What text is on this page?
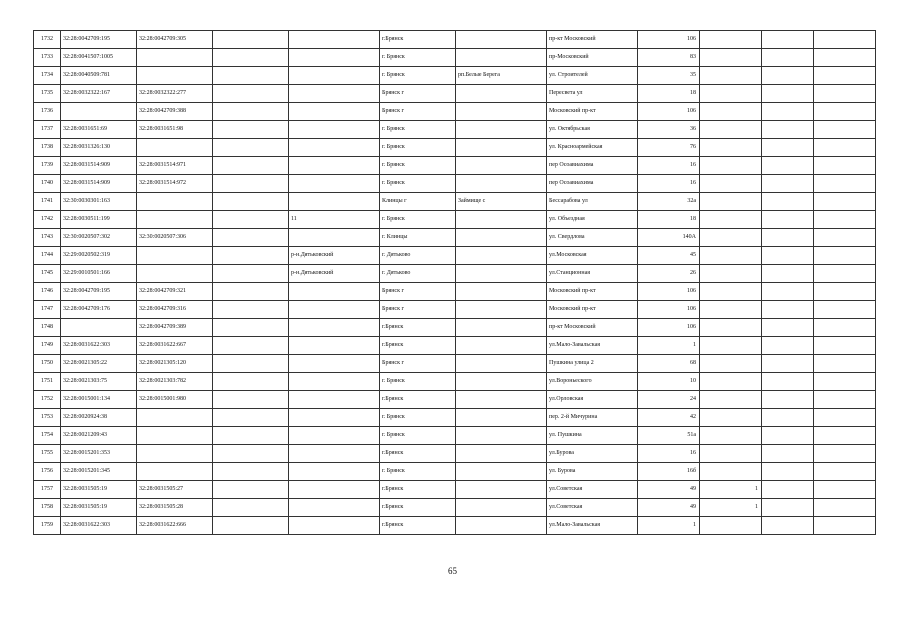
1732	32:28:0042709:195	32:28:0042709:305			г.Брянск		пр-кт Московский	106			
1733	32:28:0041507:1005				г. Брянск		пр-Московский	83			
1734	32:28:0040509:781				г. Брянск	рп.Белые Берега	ул. Строителей	35			
1735	32:28:0032322:167	32:28:0032322:277			Брянск г		Пересвета ул	18			
1736		32:28:0042709:388			Брянск г		Московский пр-кт	106			
1737	32:28:0031651:69	32:28:0031651:98			г. Брянск		ул. Октябрьская	36			
1738	32:28:0031326:130				г. Брянск		ул. Красноармейская	76			
1739	32:28:0031514:909	32:28:0031514:971			г. Брянск		пер Осоавиахима	16			
1740	32:28:0031514:909	32:28:0031514:972			г. Брянск		пер Осоавиахима	16			
1741	32:30:0030301:163				Клинцы г	Займище с	Бессарабова ул	32а			
1742	32:28:0030511:199			11	г. Брянск		ул. Объездная	18			
1743	32:30:0020507:302	32:30:0020507:306			г. Клинцы		ул. Свердлова	140А			
1744	32:29:0020502:319			р-н.Дятьковский	г. Дятьково		ул.Московская	45			
1745	32:29:0010501:166			р-н.Дятьковский	г. Дятьково		ул.Станционная	26			
1746	32:28:0042709:195	32:28:0042709:321			Брянск г		Московский пр-кт	106			
1747	32:28:0042709:176	32:28:0042709:316			Брянск г		Московский пр-кт	106			
1748		32:28:0042709:389			г.Брянск		пр-кт Московский	106			
1749	32:28:0031622:303	32:28:0031622:667			г.Брянск		ул.Мало-Завальская	1			
1750	32:28:0021305:22	32:28:0021305:120			Брянск г		Пушкина улица 2	68			
1751	32:28:0021303:75	32:28:0021303:782			г. Брянск		ул.Вороньеского	10			
1752	32:28:0015001:134	32:28:0015001:980			г.Брянск		ул.Орловская	24			
1753	32:28:0020924:38				г. Брянск		пер. 2-й Мичурина	42			
1754	32:28:0021209:43				г. Брянск		ул. Пушкина	51а			
1755	32:28:0015201:353				г.Брянск		ул.Бурова	16			
1756	32:28:0015201:345				г. Брянск		ул. Бурова	16б			
1757	32:28:0031505:19	32:28:0031505:27			г.Брянск		ул.Советская	49	1		
1758	32:28:0031505:19	32:28:0031505:28			г.Брянск		ул.Советская	49	1		
1759	32:28:0031622:303	32:28:0031622:666			г.Брянск		ул.Мало-Завальская	1			
65
